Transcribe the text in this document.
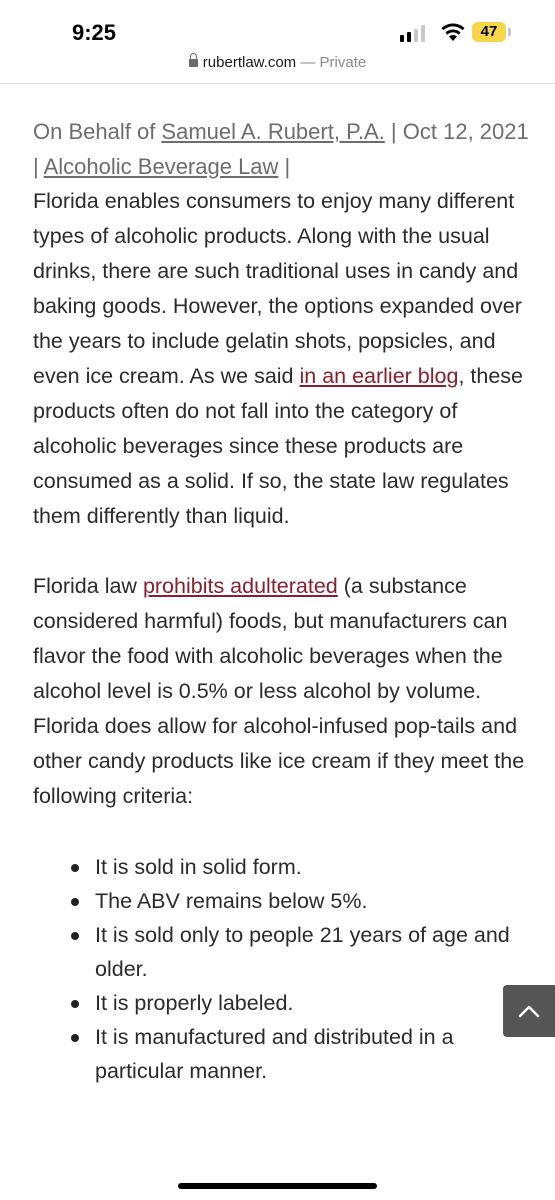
9:25	47
rubertlaw.com — Private
On Behalf of Samuel A. Rubert, P.A. | Oct 12, 2021 | Alcoholic Beverage Law |

Florida enables consumers to enjoy many different types of alcoholic products. Along with the usual drinks, there are such traditional uses in candy and baking goods. However, the options expanded over the years to include gelatin shots, popsicles, and even ice cream. As we said in an earlier blog, these products often do not fall into the category of alcoholic beverages since these products are consumed as a solid. If so, the state law regulates them differently than liquid.

Florida law prohibits adulterated (a substance considered harmful) foods, but manufacturers can flavor the food with alcoholic beverages when the alcohol level is 0.5% or less alcohol by volume. Florida does allow for alcohol-infused pop-tails and other candy products like ice cream if they meet the following criteria:

It is sold in solid form.
The ABV remains below 5%.
It is sold only to people 21 years of age and older.
It is properly labeled.
It is manufactured and distributed in a particular manner.
